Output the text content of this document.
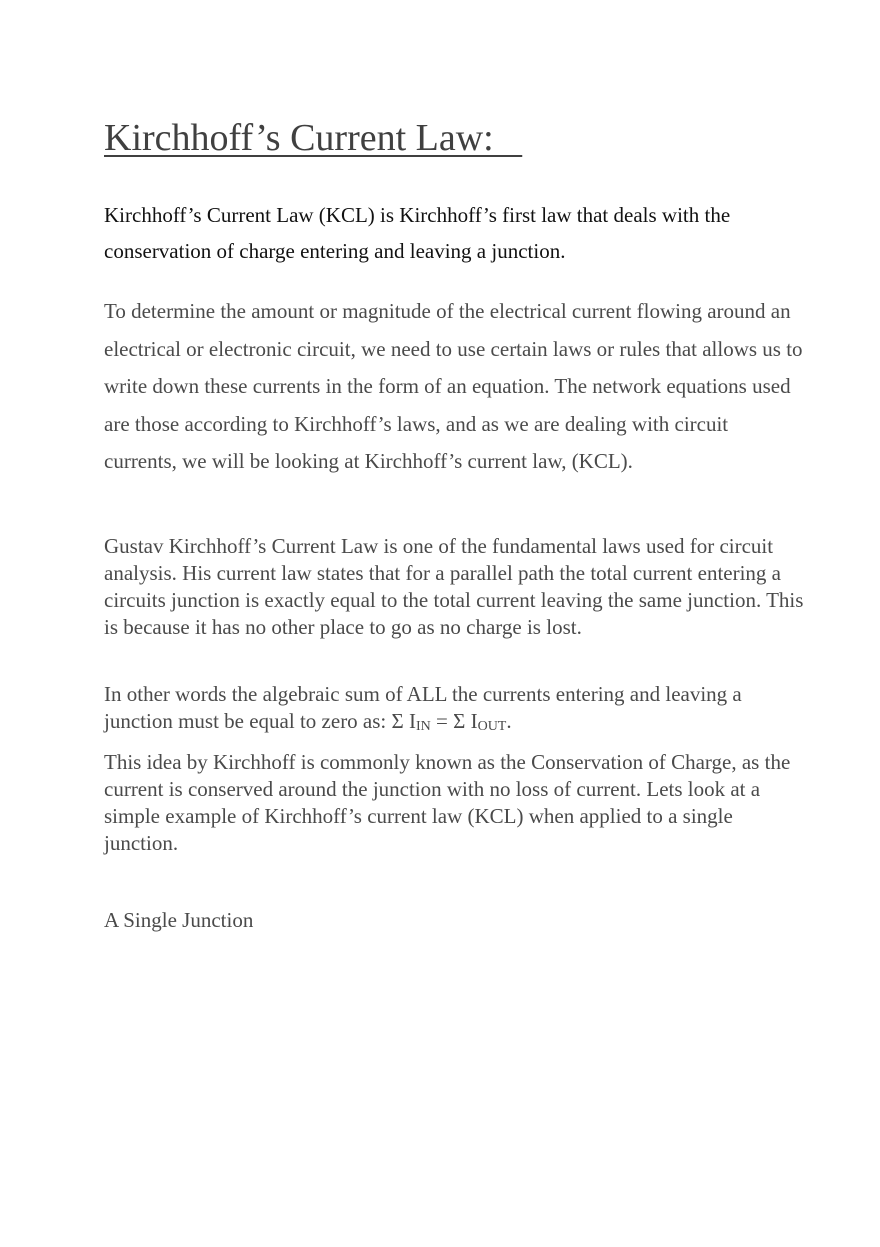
Kirchhoff’s Current Law:

Kirchhoff’s Current Law (KCL) is Kirchhoff’s first law that deals with the conservation of charge entering and leaving a junction.

To determine the amount or magnitude of the electrical current flowing around an electrical or electronic circuit, we need to use certain laws or rules that allows us to write down these currents in the form of an equation. The network equations used are those according to Kirchhoff’s laws, and as we are dealing with circuit currents, we will be looking at Kirchhoff’s current law, (KCL).

Gustav Kirchhoff’s Current Law is one of the fundamental laws used for circuit analysis. His current law states that for a parallel path the total current entering a circuits junction is exactly equal to the total current leaving the same junction. This is because it has no other place to go as no charge is lost.

In other words the algebraic sum of ALL the currents entering and leaving a junction must be equal to zero as: Σ $I_{IN} = \Sigma$ $I_{OUT}$.

This idea by Kirchhoff is commonly known as the Conservation of Charge, as the current is conserved around the junction with no loss of current. Lets look at a simple example of Kirchhoff’s current law (KCL) when applied to a single junction.

A Single Junction
